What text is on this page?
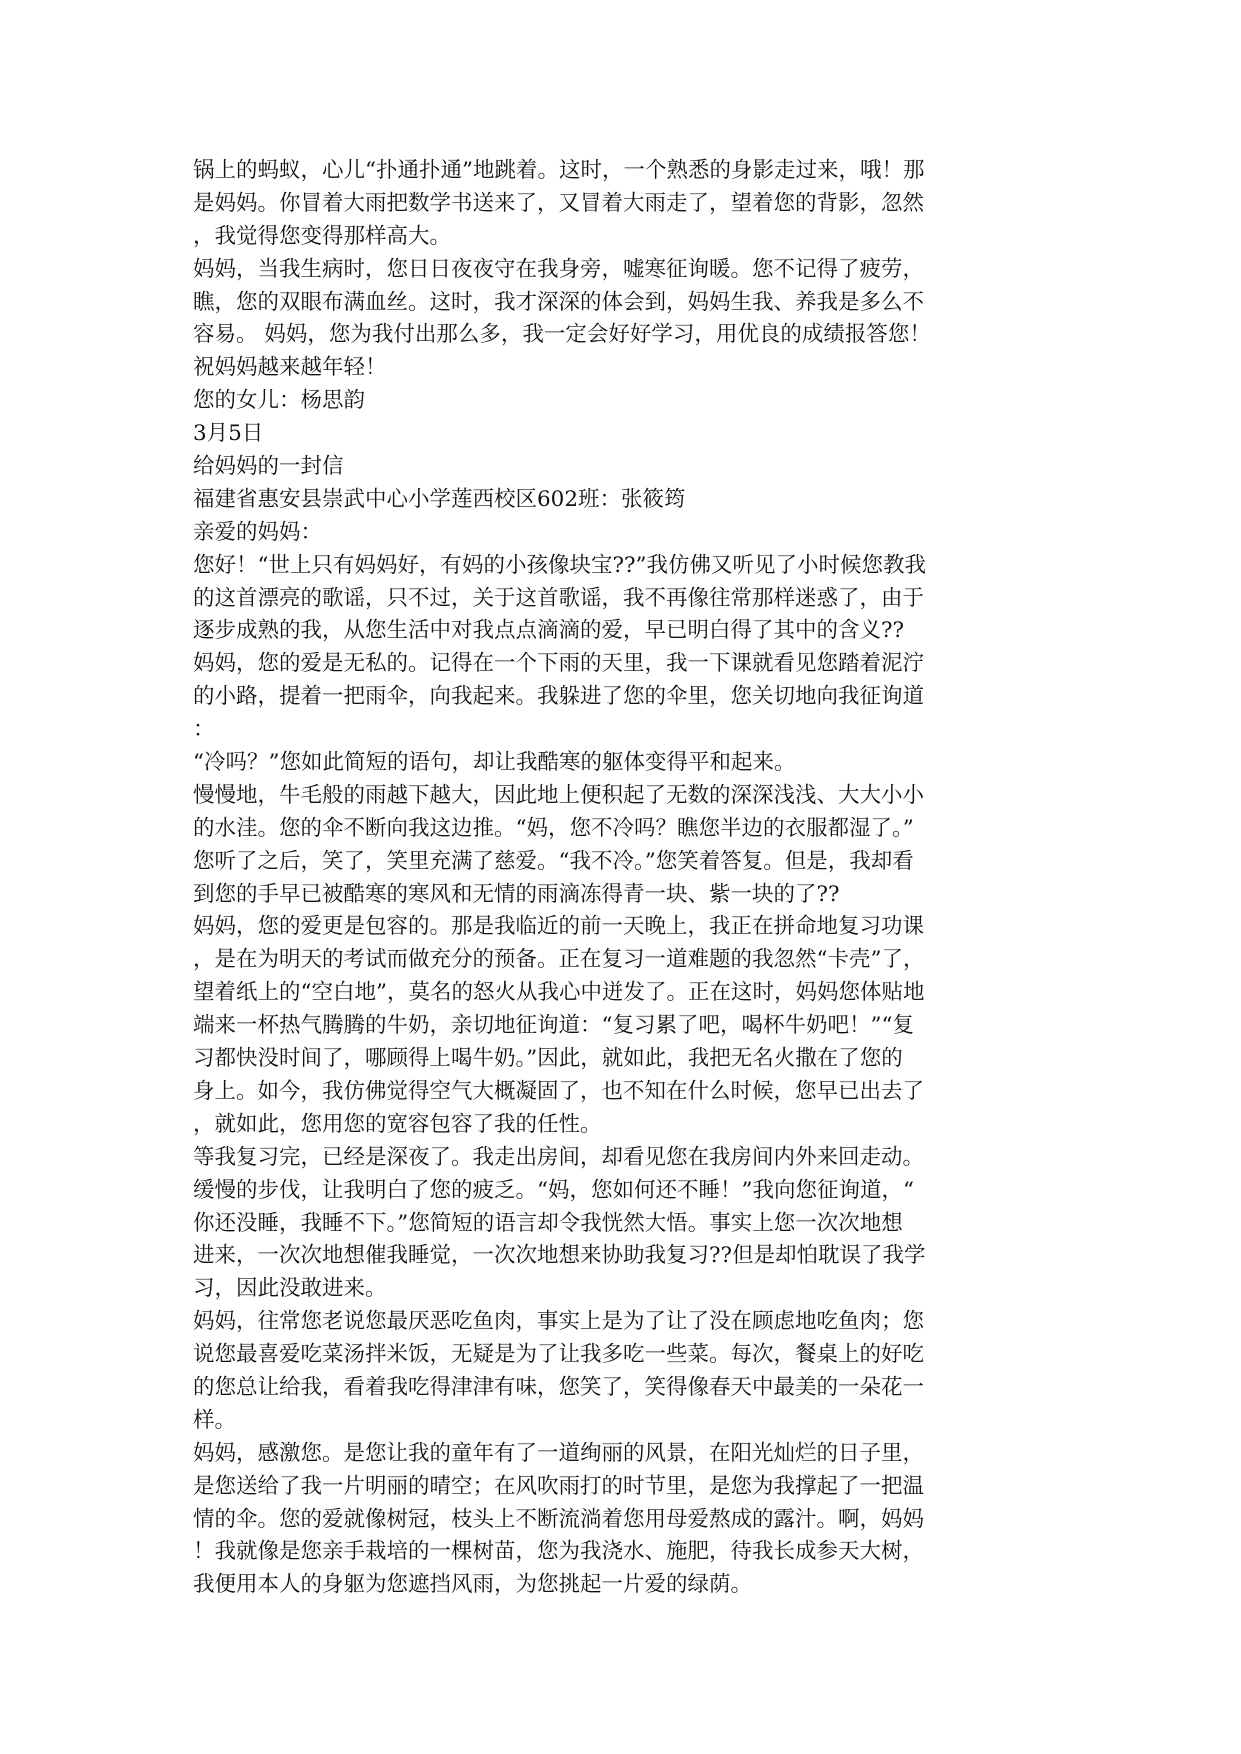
锅上的蚂蚁，心儿“扑通扑通”地跳着。这时，一个熟悉的身影走过来，哦！那
是妈妈。你冒着大雨把数学书送来了，又冒着大雨走了，望着您的背影，忽然
，我觉得您变得那样高大。
妈妈，当我生病时，您日日夜夜守在我身旁，嘘寒征询暖。您不记得了疲劳，
瞧，您的双眼布满血丝。这时，我才深深的体会到，妈妈生我、养我是多么不
容易。 妈妈，您为我付出那么多，我一定会好好学习，用优良的成绩报答您！
祝妈妈越来越年轻！
您的女儿：杨思韵
3月5日
给妈妈的一封信
福建省惠安县崇武中心小学莲西校区602班：张筱筠
亲爱的妈妈：
您好！“世上只有妈妈好，有妈的小孩像块宝??”我仿佛又听见了小时候您教我
的这首漂亮的歌谣，只不过，关于这首歌谣，我不再像往常那样迷惑了，由于
逐步成熟的我，从您生活中对我点点滴滴的爱，早已明白得了其中的含义??
妈妈，您的爱是无私的。记得在一个下雨的天里，我一下课就看见您踏着泥泞
的小路，提着一把雨伞，向我起来。我躲进了您的伞里，您关切地向我征询道
：
“冷吗？”您如此简短的语句，却让我酷寒的躯体变得平和起来。
慢慢地，牛毛般的雨越下越大，因此地上便积起了无数的深深浅浅、大大小小
的水洼。您的伞不断向我这边推。“妈，您不冷吗？瞧您半边的衣服都湿了。”
您听了之后，笑了，笑里充满了慈爱。“我不冷。”您笑着答复。但是，我却看
到您的手早已被酷寒的寒风和无情的雨滴冻得青一块、紫一块的了??
妈妈，您的爱更是包容的。那是我临近的前一天晚上，我正在拼命地复习功课
，是在为明天的考试而做充分的预备。正在复习一道难题的我忽然“卡壳”了，
望着纸上的“空白地”，莫名的怒火从我心中迸发了。正在这时，妈妈您体贴地
端来一杯热气腾腾的牛奶，亲切地征询道：“复习累了吧，喝杯牛奶吧！”“复
习都快没时间了，哪顾得上喝牛奶。”因此，就如此，我把无名火撒在了您的
身上。如今，我仿佛觉得空气大概凝固了，也不知在什么时候，您早已出去了
，就如此，您用您的宽容包容了我的任性。
等我复习完，已经是深夜了。我走出房间，却看见您在我房间内外来回走动。
缓慢的步伐，让我明白了您的疲乏。“妈，您如何还不睡！”我向您征询道，“
你还没睡，我睡不下。”您简短的语言却令我恍然大悟。事实上您一次次地想
进来，一次次地想催我睡觉，一次次地想来协助我复习??但是却怕耽误了我学
习，因此没敢进来。
妈妈，往常您老说您最厌恶吃鱼肉，事实上是为了让了没在顾虑地吃鱼肉；您
说您最喜爱吃菜汤拌米饭，无疑是为了让我多吃一些菜。每次，餐桌上的好吃
的您总让给我，看着我吃得津津有味，您笑了，笑得像春天中最美的一朵花一
样。
妈妈，感激您。是您让我的童年有了一道绚丽的风景，在阳光灿烂的日子里，
是您送给了我一片明丽的晴空；在风吹雨打的时节里，是您为我撑起了一把温
情的伞。您的爱就像树冠，枝头上不断流淌着您用母爱熬成的露汁。啊，妈妈
！我就像是您亲手栽培的一棵树苗，您为我浇水、施肥，待我长成参天大树，
我便用本人的身躯为您遮挡风雨，为您挑起一片爱的绿荫。
